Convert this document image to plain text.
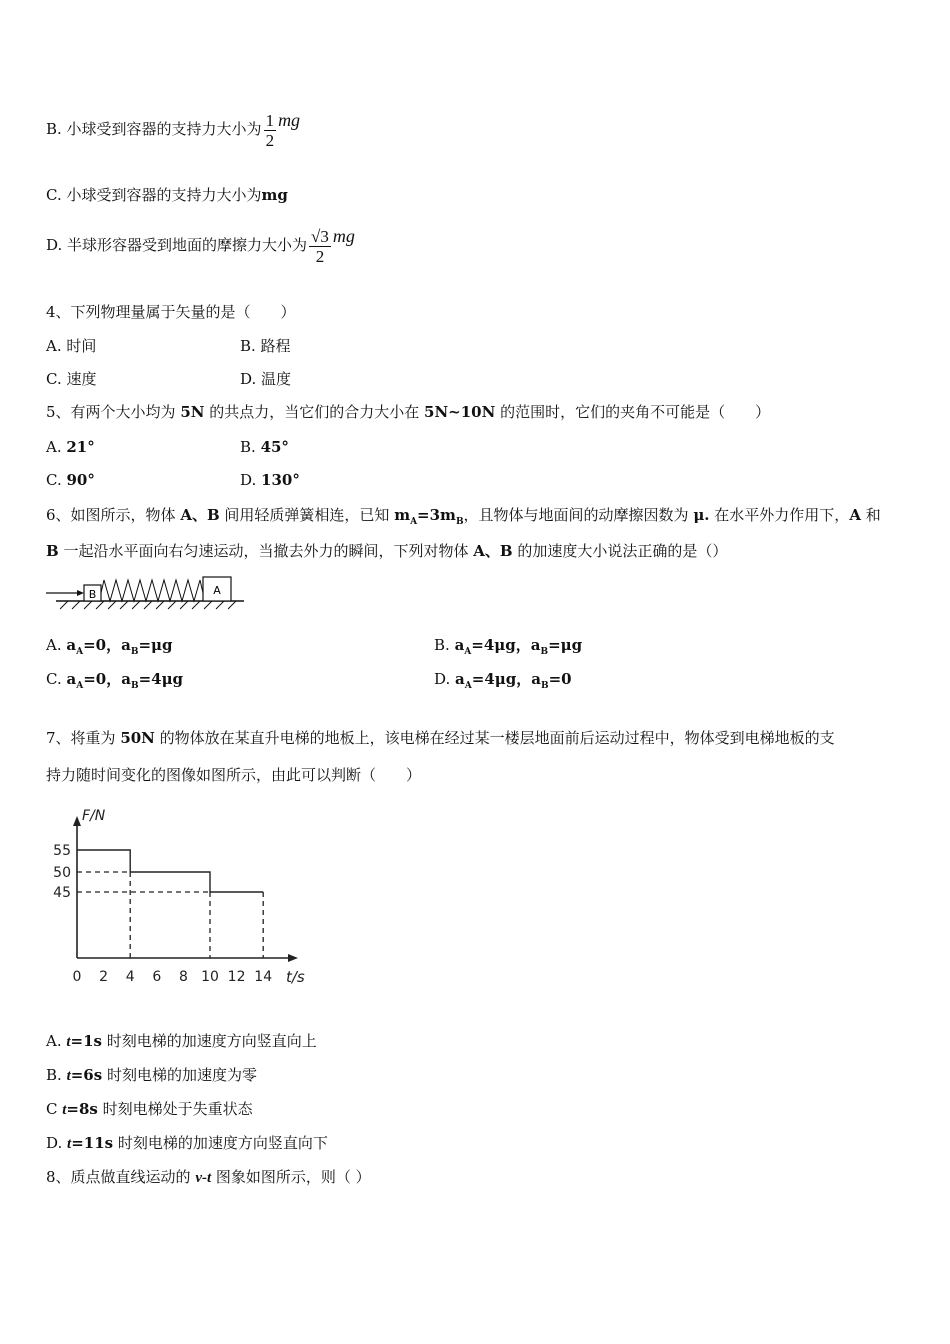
B. 小球受到容器的支持力大小为 $\frac{1}{2}$ mg
C. 小球受到容器的支持力大小为mg
D. 半球形容器受到地面的摩擦力大小为 $\frac{√3}{2}$ mg
4、下列物理量属于矢量的是（　　）
A. 时间	B. 路程
C. 速度	D. 温度
5、有两个大小均为 5N 的共点力，当它们的合力大小在 5N~10N 的范围时，它们的夹角不可能是（　　）
A. 21°	B. 45°
C. 90°	D. 130°
6、如图所示，物体 A、B 间用轻质弹簧相连，已知 $m_A=3m_B$，且物体与地面间的动摩擦因数为 μ. 在水平外力作用下，A 和
B 一起沿水平面向右匀速运动，当撤去外力的瞬间，下列对物体 A、B 的加速度大小说法正确的是（）
B	A
A. $a_A=0$，$a_B=\mu g$	B. $a_A=4\mu g$，$a_B=\mu g$
C. $a_A=0$，$a_B=4\mu g$	D. $a_A=4\mu g$，$a_B=0$
7、将重为 50N 的物体放在某直升电梯的地板上，该电梯在经过某一楼层地面前后运动过程中，物体受到电梯地板的支
持力随时间变化的图像如图所示，由此可以判断（　　）
F/N
t/s
0 2 4 6 8 10 12 14
55
50
45
A. t=1s 时刻电梯的加速度方向竖直向上
B. t=6s 时刻电梯的加速度为零
C t=8s 时刻电梯处于失重状态
D. t=11s 时刻电梯的加速度方向竖直向下
8、质点做直线运动的 v-t 图象如图所示，则（ ）
